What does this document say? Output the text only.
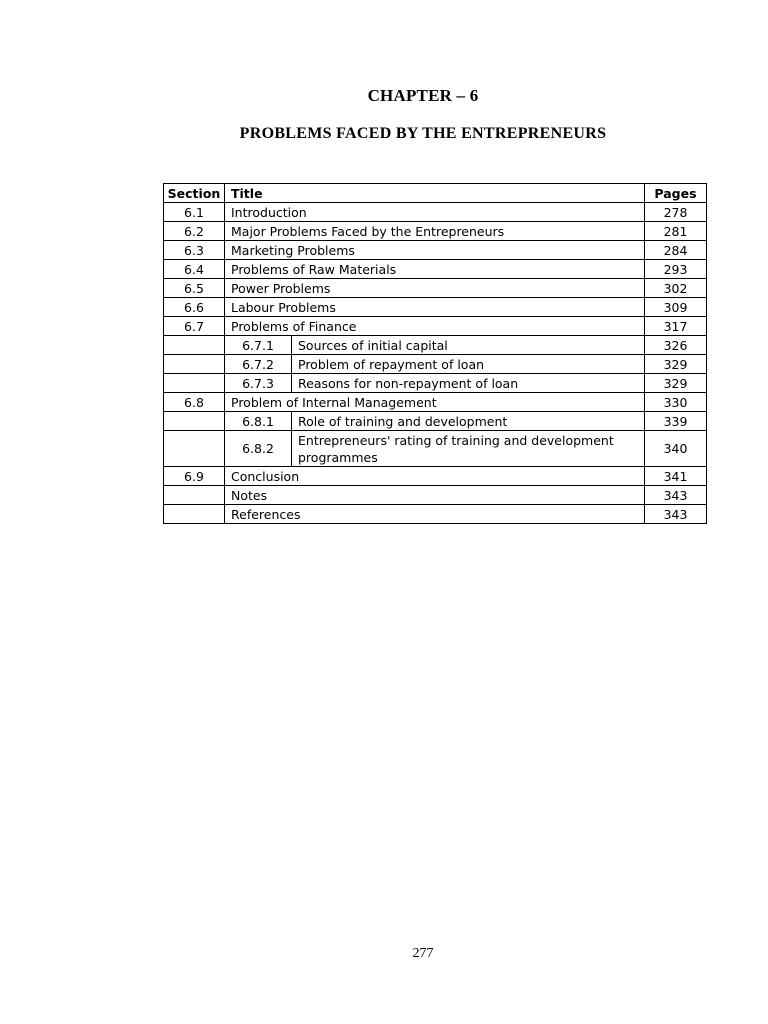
CHAPTER – 6
PROBLEMS FACED BY THE ENTREPRENEURS
Section	Title		Pages
6.1	Introduction		278
6.2	Major Problems Faced by the Entrepreneurs		281
6.3	Marketing Problems		284
6.4	Problems of Raw Materials		293
6.5	Power Problems		302
6.6	Labour Problems		309
6.7	Problems of Finance		317
	6.7.1	Sources of initial capital	326
	6.7.2	Problem of repayment of loan	329
	6.7.3	Reasons for non-repayment of loan	329
6.8	Problem of Internal Management		330
	6.8.1	Role of training and development	339
	6.8.2	Entrepreneurs' rating of training and development programmes	340
6.9	Conclusion		341
	Notes		343
	References		343
277
